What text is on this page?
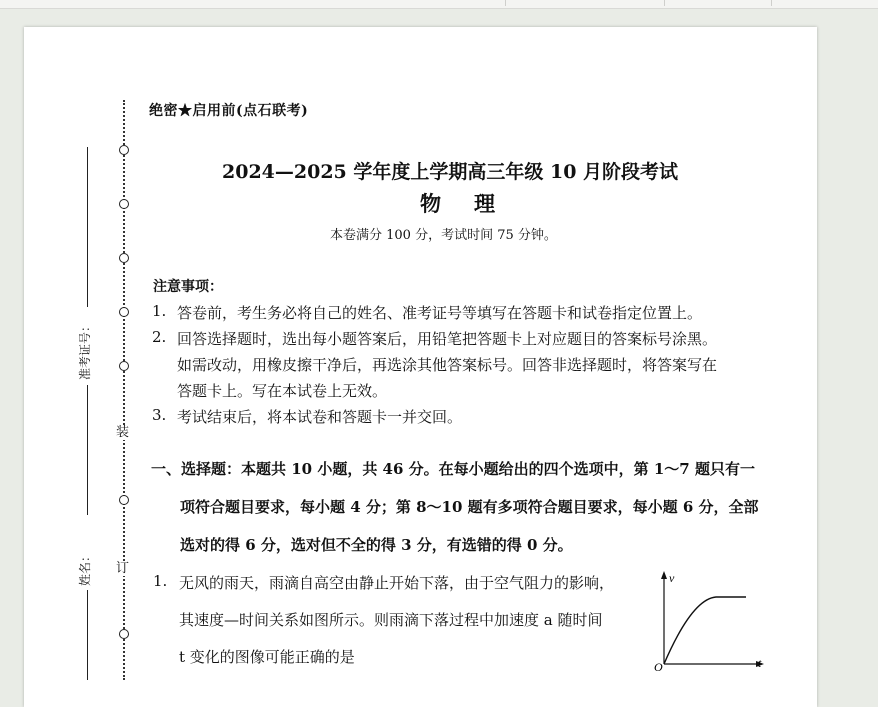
装
订
准考证号：
姓名：
绝密★启用前(点石联考)
2024—2025 学年度上学期高三年级 10 月阶段考试
物　理
本卷满分 100 分，考试时间 75 分钟。
注意事项：
1. 答卷前，考生务必将自己的姓名、准考证号等填写在答题卡和试卷指定位置上。
2. 回答选择题时，选出每小题答案后，用铅笔把答题卡上对应题目的答案标号涂黑。
如需改动，用橡皮擦干净后，再选涂其他答案标号。回答非选择题时，将答案写在
答题卡上。写在本试卷上无效。
3. 考试结束后，将本试卷和答题卡一并交回。
一、选择题：本题共 10 小题，共 46 分。在每小题给出的四个选项中，第 1～7 题只有一
项符合题目要求，每小题 4 分；第 8～10 题有多项符合题目要求，每小题 6 分，全部
选对的得 6 分，选对但不全的得 3 分，有选错的得 0 分。
1. 无风的雨天，雨滴自高空由静止开始下落，由于空气阻力的影响，
其速度—时间关系如图所示。则雨滴下落过程中加速度 a 随时间
t 变化的图像可能正确的是
v
t
O
